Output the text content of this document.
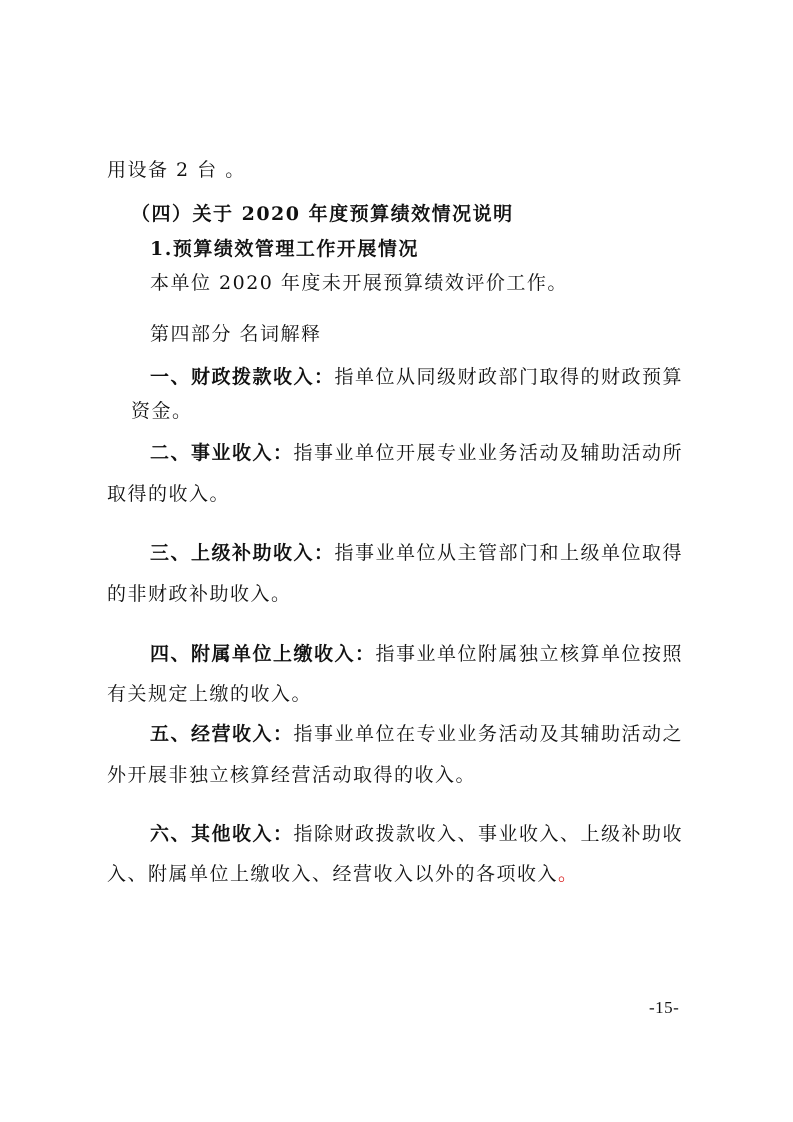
用设备 2 台 。
（四）关于 2020 年度预算绩效情况说明
1.预算绩效管理工作开展情况
本单位 2020 年度未开展预算绩效评价工作。
第四部分 名词解释
一、财政拨款收入：指单位从同级财政部门取得的财政预算
资金。
二、事业收入：指事业单位开展专业业务活动及辅助活动所
取得的收入。
三、上级补助收入：指事业单位从主管部门和上级单位取得
的非财政补助收入。
四、附属单位上缴收入：指事业单位附属独立核算单位按照
有关规定上缴的收入。
五、经营收入：指事业单位在专业业务活动及其辅助活动之
外开展非独立核算经营活动取得的收入。
六、其他收入：指除财政拨款收入、事业收入、上级补助收
入、附属单位上缴收入、经营收入以外的各项收入。
-15-
